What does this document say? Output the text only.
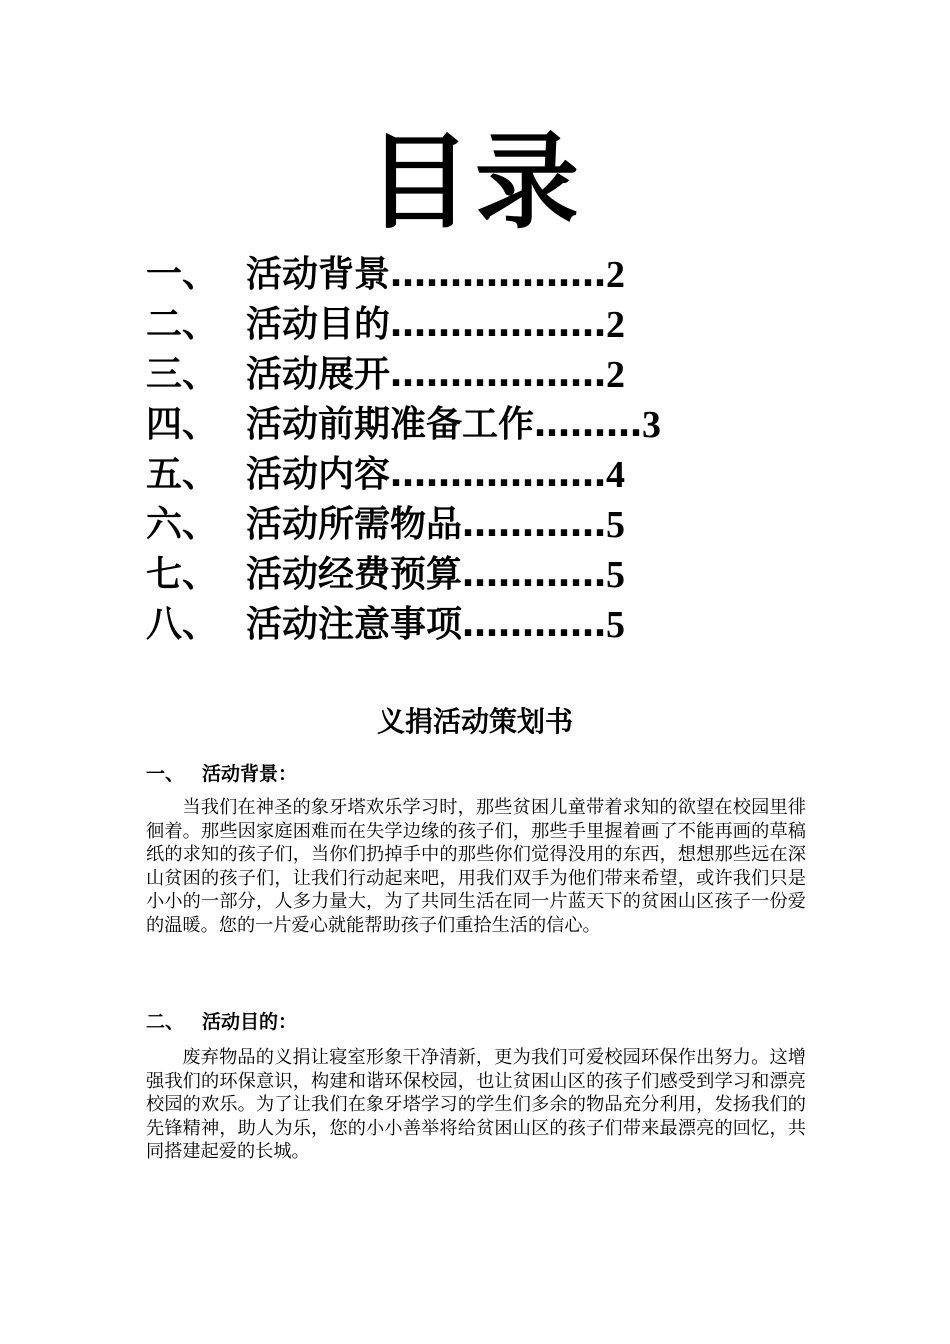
目录
一、 活动背景 ……………… 2
二、 活动目的 ……………… 2
三、 活动展开 ……………… 2
四、 活动前期准备工作 ……… 3
五、 活动内容 ……………… 4
六、 活动所需物品 ………… 5
七、 活动经费预算 ………… 5
八、 活动注意事项 ………… 5
义捐活动策划书
一、 活动背景：

当我们在神圣的象牙塔欢乐学习时，那些贫困儿童带着求知的欲望在校园里徘徊着。那些因家庭困难而在失学边缘的孩子们，那些手里握着画了不能再画的草稿纸的求知的孩子们，当你们扔掉手中的那些你们觉得没用的东西，想想那些远在深山贫困的孩子们，让我们行动起来吧，用我们双手为他们带来希望，或许我们只是小小的一部分，人多力量大，为了共同生活在同一片蓝天下的贫困山区孩子一份爱的温暖。您的一片爱心就能帮助孩子们重拾生活的信心。

二、 活动目的：

废弃物品的义捐让寝室形象干净清新，更为我们可爱校园环保作出努力。这增强我们的环保意识，构建和谐环保校园，也让贫困山区的孩子们感受到学习和漂亮校园的欢乐。为了让我们在象牙塔学习的学生们多余的物品充分利用，发扬我们的先锋精神，助人为乐，您的小小善举将给贫困山区的孩子们带来最漂亮的回忆，共同搭建起爱的长城。
